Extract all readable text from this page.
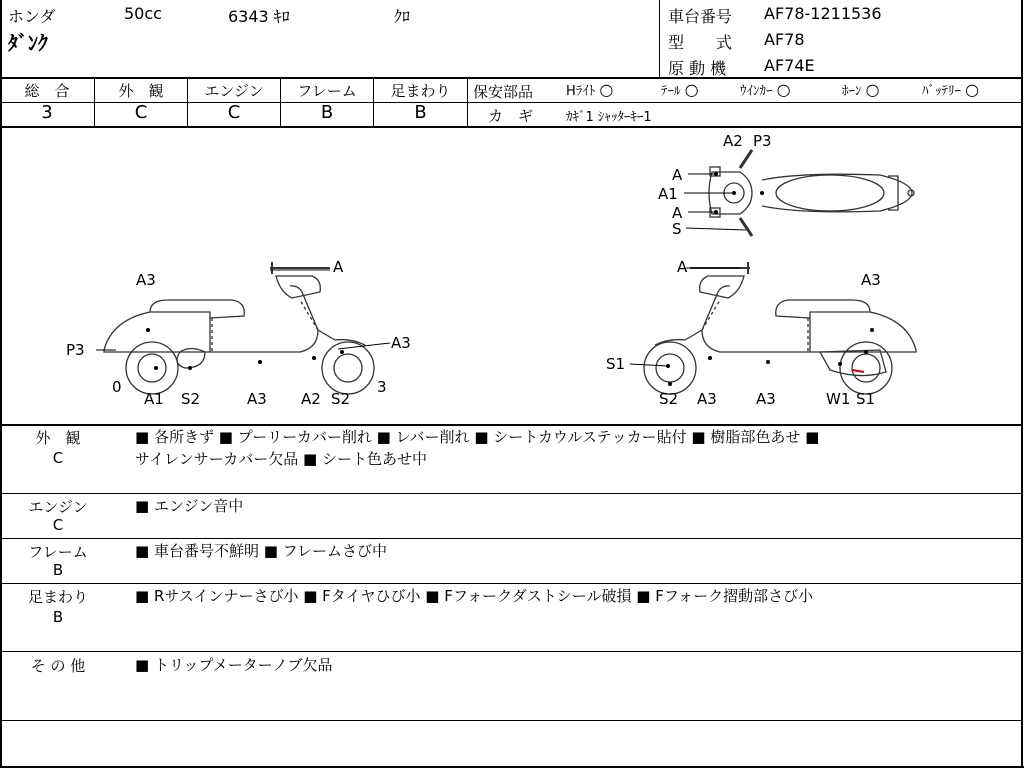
ホンダ	50cc	6343 ｷﾛ	ｸﾛ
ﾀﾞﾝｸ
車台番号 AF78-1211536
型　　式 AF78
原 動 機 AF74E
総　合
3
外　観
C
エンジン
C
フレーム
B
足まわり
B
保安部品	Hﾗｲﾄ ○	ﾃｰﾙ ○	ｳｲﾝｶｰ ○	ﾎｰﾝ ○	ﾊﾞｯﾃﾘｰ ○
カ　ギ	ｶｷﾞ1 ｼｬｯﾀｰｷｰ1
A3
A
P3	A3
0
A1 S2	A3 A2 S2
3
A2 P3
A
A1
A
S
A
A3
S1
S2 A3	A3	W1 S1
外　観
C
■ 各所きず ■ プーリーカバー削れ ■ レバー削れ ■ シートカウルステッカー貼付 ■ 樹脂部色あせ ■
サイレンサーカバー欠品 ■ シート色あせ中
エンジン
C
■ エンジン音中
フレーム
B
■ 車台番号不鮮明 ■ フレームさび中
足まわり
B
■ Rサスインナーさび小 ■ Fタイヤひび小 ■ Fフォークダストシール破損 ■ Fフォーク摺動部さび小
そ の 他	■ トリップメーターノブ欠品
